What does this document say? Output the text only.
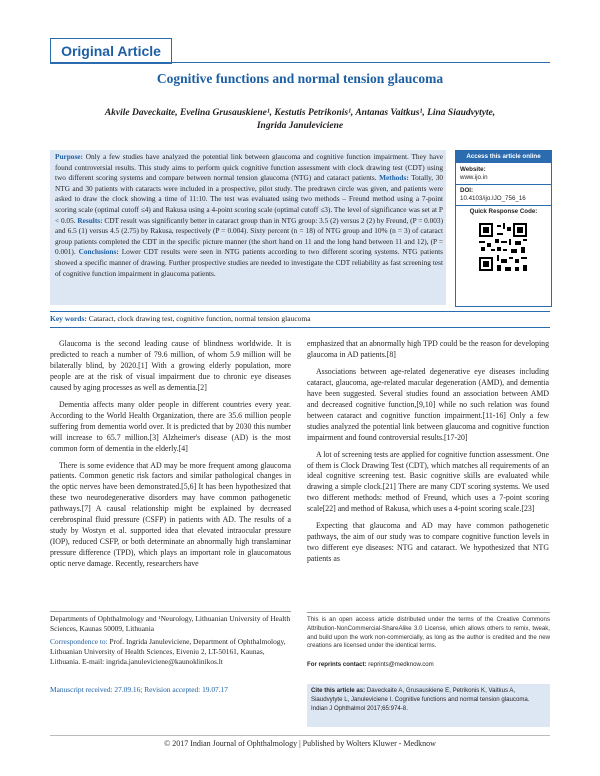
Original Article
Cognitive functions and normal tension glaucoma
Akvile Daveckaite, Evelina Grusauskiene¹, Kestutis Petrikonis¹, Antanas Vaitkus¹, Lina Siaudvytyte,
Ingrida Januleviciene
Purpose: Only a few studies have analyzed the potential link between glaucoma and cognitive function impairment. They have found controversial results. This study aims to perform quick cognitive function assessment with clock drawing test (CDT) using two different scoring systems and compare between normal tension glaucoma (NTG) and cataract patients. Methods: Totally, 30 NTG and 30 patients with cataracts were included in a prospective, pilot study. The predrawn circle was given, and patients were asked to draw the clock showing a time of 11:10. The test was evaluated using two methods – Freund method using a 7-point scoring scale (optimal cutoff ≤4) and Rakusa using a 4-point scoring scale (optimal cutoff ≤3). The level of significance was set at P < 0.05. Results: CDT result was significantly better in cataract group than in NTG group: 3.5 (2) versus 2 (2) by Freund, (P = 0.003) and 6.5 (1) versus 4.5 (2.75) by Rakusa, respectively (P = 0.004). Sixty percent (n = 18) of NTG group and 10% (n = 3) of cataract group patients completed the CDT in the specific picture manner (the short hand on 11 and the long hand between 11 and 12), (P = 0.001). Conclusions: Lower CDT results were seen in NTG patients according to two different scoring systems. NTG patients showed a specific manner of drawing. Further prospective studies are needed to investigate the CDT reliability as fast screening test of cognitive function impairment in glaucoma patients.
Access this article online
Website:
www.ijo.in
DOI:
10.4103/ijo.IJO_756_16
Quick Response Code:
Key words: Cataract, clock drawing test, cognitive function, normal tension glaucoma

Glaucoma is the second leading cause of blindness worldwide. It is predicted to reach a number of 79.6 million, of whom 5.9 million will be bilaterally blind, by 2020.[1] With a growing elderly population, more people are at the risk of visual impairment due to chronic eye diseases caused by aging processes as well as dementia.[2]

Dementia affects many older people in different countries every year. According to the World Health Organization, there are 35.6 million people suffering from dementia world over. It is predicted that by 2030 this number will increase to 65.7 million.[3] Alzheimer's disease (AD) is the most common form of dementia in the elderly.[4]

There is some evidence that AD may be more frequent among glaucoma patients. Common genetic risk factors and similar pathological changes in the optic nerves have been demonstrated.[5,6] It has been hypothesized that these two neurodegenerative disorders may have common pathogenetic pathways.[7] A causal relationship might be explained by decreased cerebrospinal fluid pressure (CSFP) in patients with AD. The results of a study by Wostyn et al. supported idea that elevated intraocular pressure (IOP), reduced CSFP, or both determinate an abnormally high translaminar pressure difference (TPD), which plays an important role in glaucomatous optic nerve damage. Recently, researchers have

emphasized that an abnormally high TPD could be the reason for developing glaucoma in AD patients.[8]

Associations between age-related degenerative eye diseases including cataract, glaucoma, age-related macular degeneration (AMD), and dementia have been suggested. Several studies found an association between AMD and decreased cognitive function,[9,10] while no such relation was found between cataract and cognitive function impairment.[11-16] Only a few studies analyzed the potential link between glaucoma and cognitive function impairment and found controversial results.[17-20]

A lot of screening tests are applied for cognitive function assessment. One of them is Clock Drawing Test (CDT), which matches all requirements of an ideal cognitive screening test. Basic cognitive skills are evaluated while drawing a simple clock.[21] There are many CDT scoring systems. We used two different methods: method of Freund, which uses a 7-point scoring scale[22] and method of Rakusa, which uses a 4-point scoring scale.[23]

Expecting that glaucoma and AD may have common pathogenetic pathways, the aim of our study was to compare cognitive function levels in two different eye diseases: NTG and cataract. We hypothesized that NTG patients as

Departments of Ophthalmology and ¹Neurology, Lithuanian University of Health Sciences, Kaunas 50009, Lithuania
Correspondence to: Prof. Ingrida Januleviciene, Department of Ophthalmology, Lithuanian University of Health Sciences, Eiveniu 2, LT-50161, Kaunas, Lithuania. E-mail: ingrida.januleviciene@kaunoklinikos.lt
Manuscript received: 27.09.16; Revision accepted: 19.07.17
This is an open access article distributed under the terms of the Creative Commons Attribution-NonCommercial-ShareAlike 3.0 License, which allows others to remix, tweak, and build upon the work non-commercially, as long as the author is credited and the new creations are licensed under the identical terms.
For reprints contact: reprints@medknow.com
Cite this article as: Daveckaite A, Grusauskiene E, Petrikonis K, Vaitkus A, Siaudvytyte L, Januleviciene I. Cognitive functions and normal tension glaucoma. Indian J Ophthalmol 2017;65:974-8.
© 2017 Indian Journal of Ophthalmology | Published by Wolters Kluwer - Medknow
